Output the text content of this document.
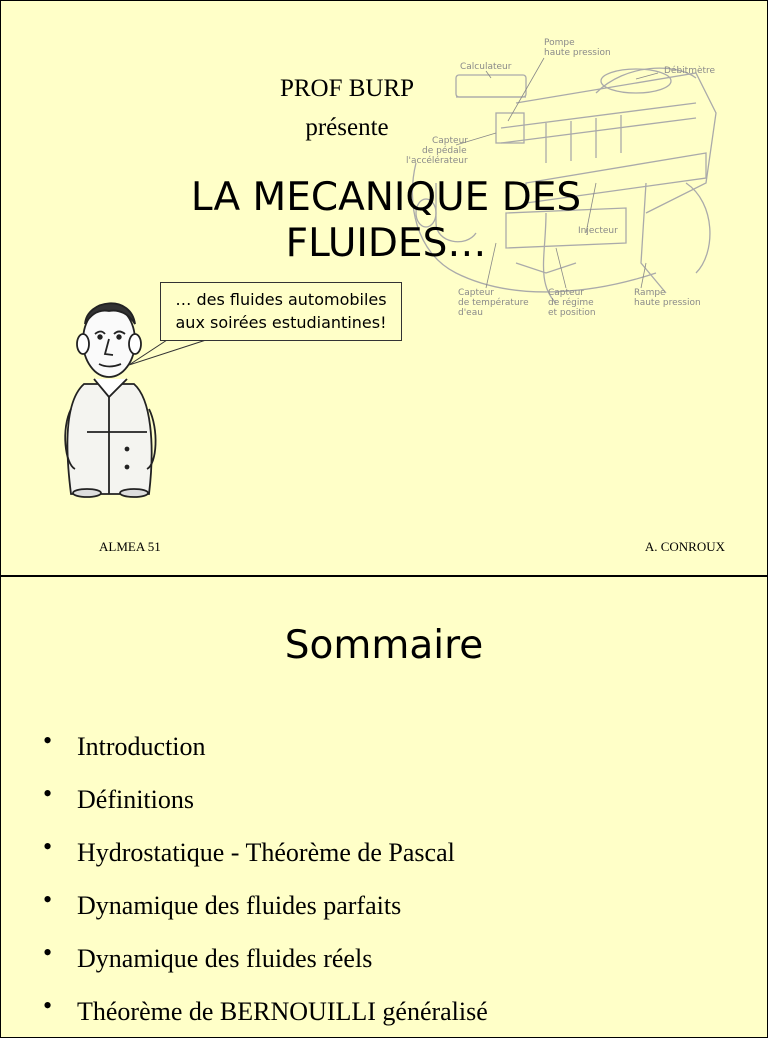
Pompe
haute pression
Calculateur	Débitmètre
Capteur
de pédale
l'accélérateur
Injecteur
Capteur
de température
d'eau
Capteur
de régime
et position
Rampe
haute pression
PROF BURP
présente
LA MECANIQUE DES
FLUIDES…
… des fluides automobiles
aux soirées estudiantines!
ALMEA 51	A. CONROUX
Sommaire
• Introduction
• Définitions
• Hydrostatique - Théorème de Pascal
• Dynamique des fluides parfaits
• Dynamique des fluides réels
• Théorème de BERNOUILLI généralisé
